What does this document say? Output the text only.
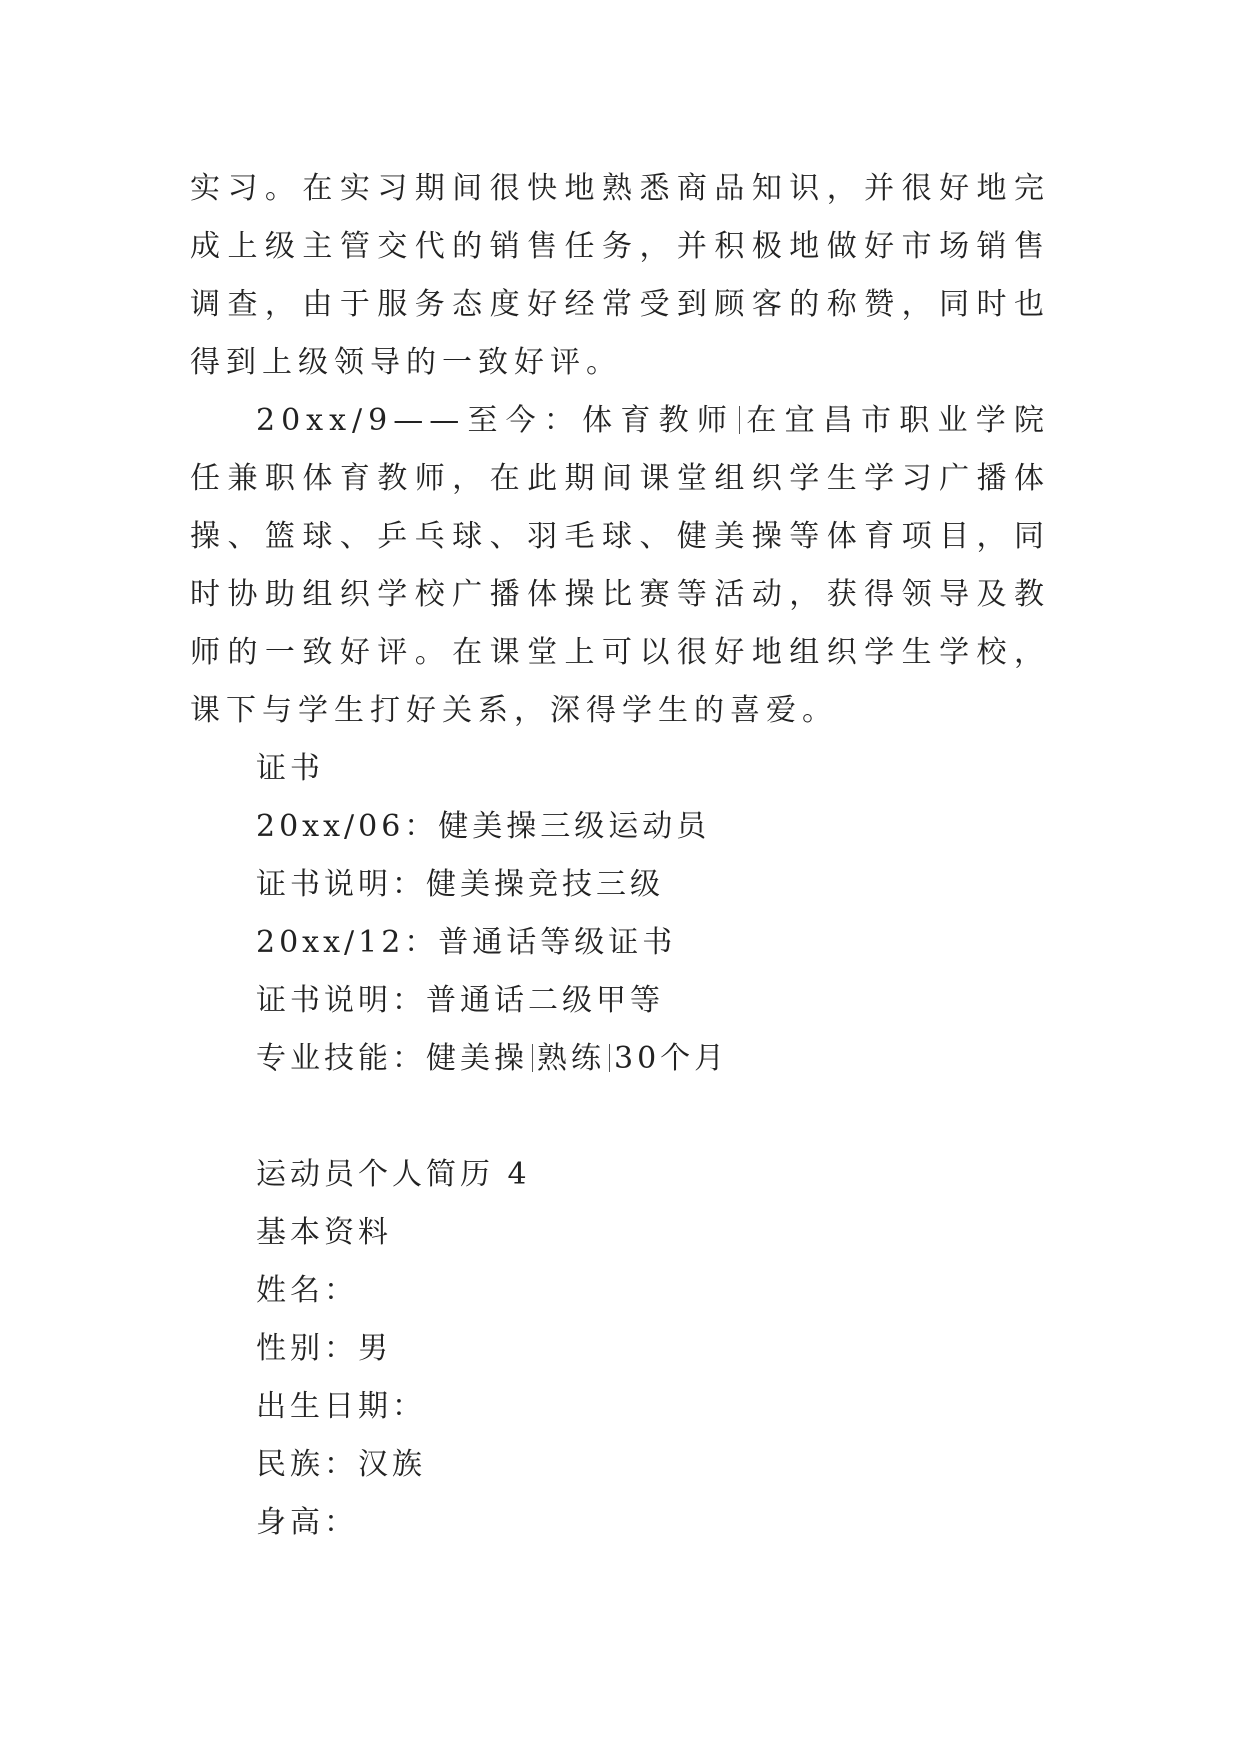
实习。在实习期间很快地熟悉商品知识，并很好地完成上级主管交代的销售任务，并积极地做好市场销售调查，由于服务态度好经常受到顾客的称赞，同时也得到上级领导的一致好评。

20xx/9——至今：体育教师 在宜昌市职业学院任兼职体育教师，在此期间课堂组织学生学习广播体操、篮球、乒乓球、羽毛球、健美操等体育项目，同时协助组织学校广播体操比赛等活动，获得领导及教师的一致好评。在课堂上可以很好地组织学生学校，课下与学生打好关系，深得学生的喜爱。

证书

20xx/06：健美操三级运动员

证书说明：健美操竞技三级

20xx/12：普通话等级证书

证书说明：普通话二级甲等

专业技能：健美操 熟练 30个月

运动员个人简历 4

基本资料

姓名：

性别：男

出生日期：

民族：汉族

身高：
